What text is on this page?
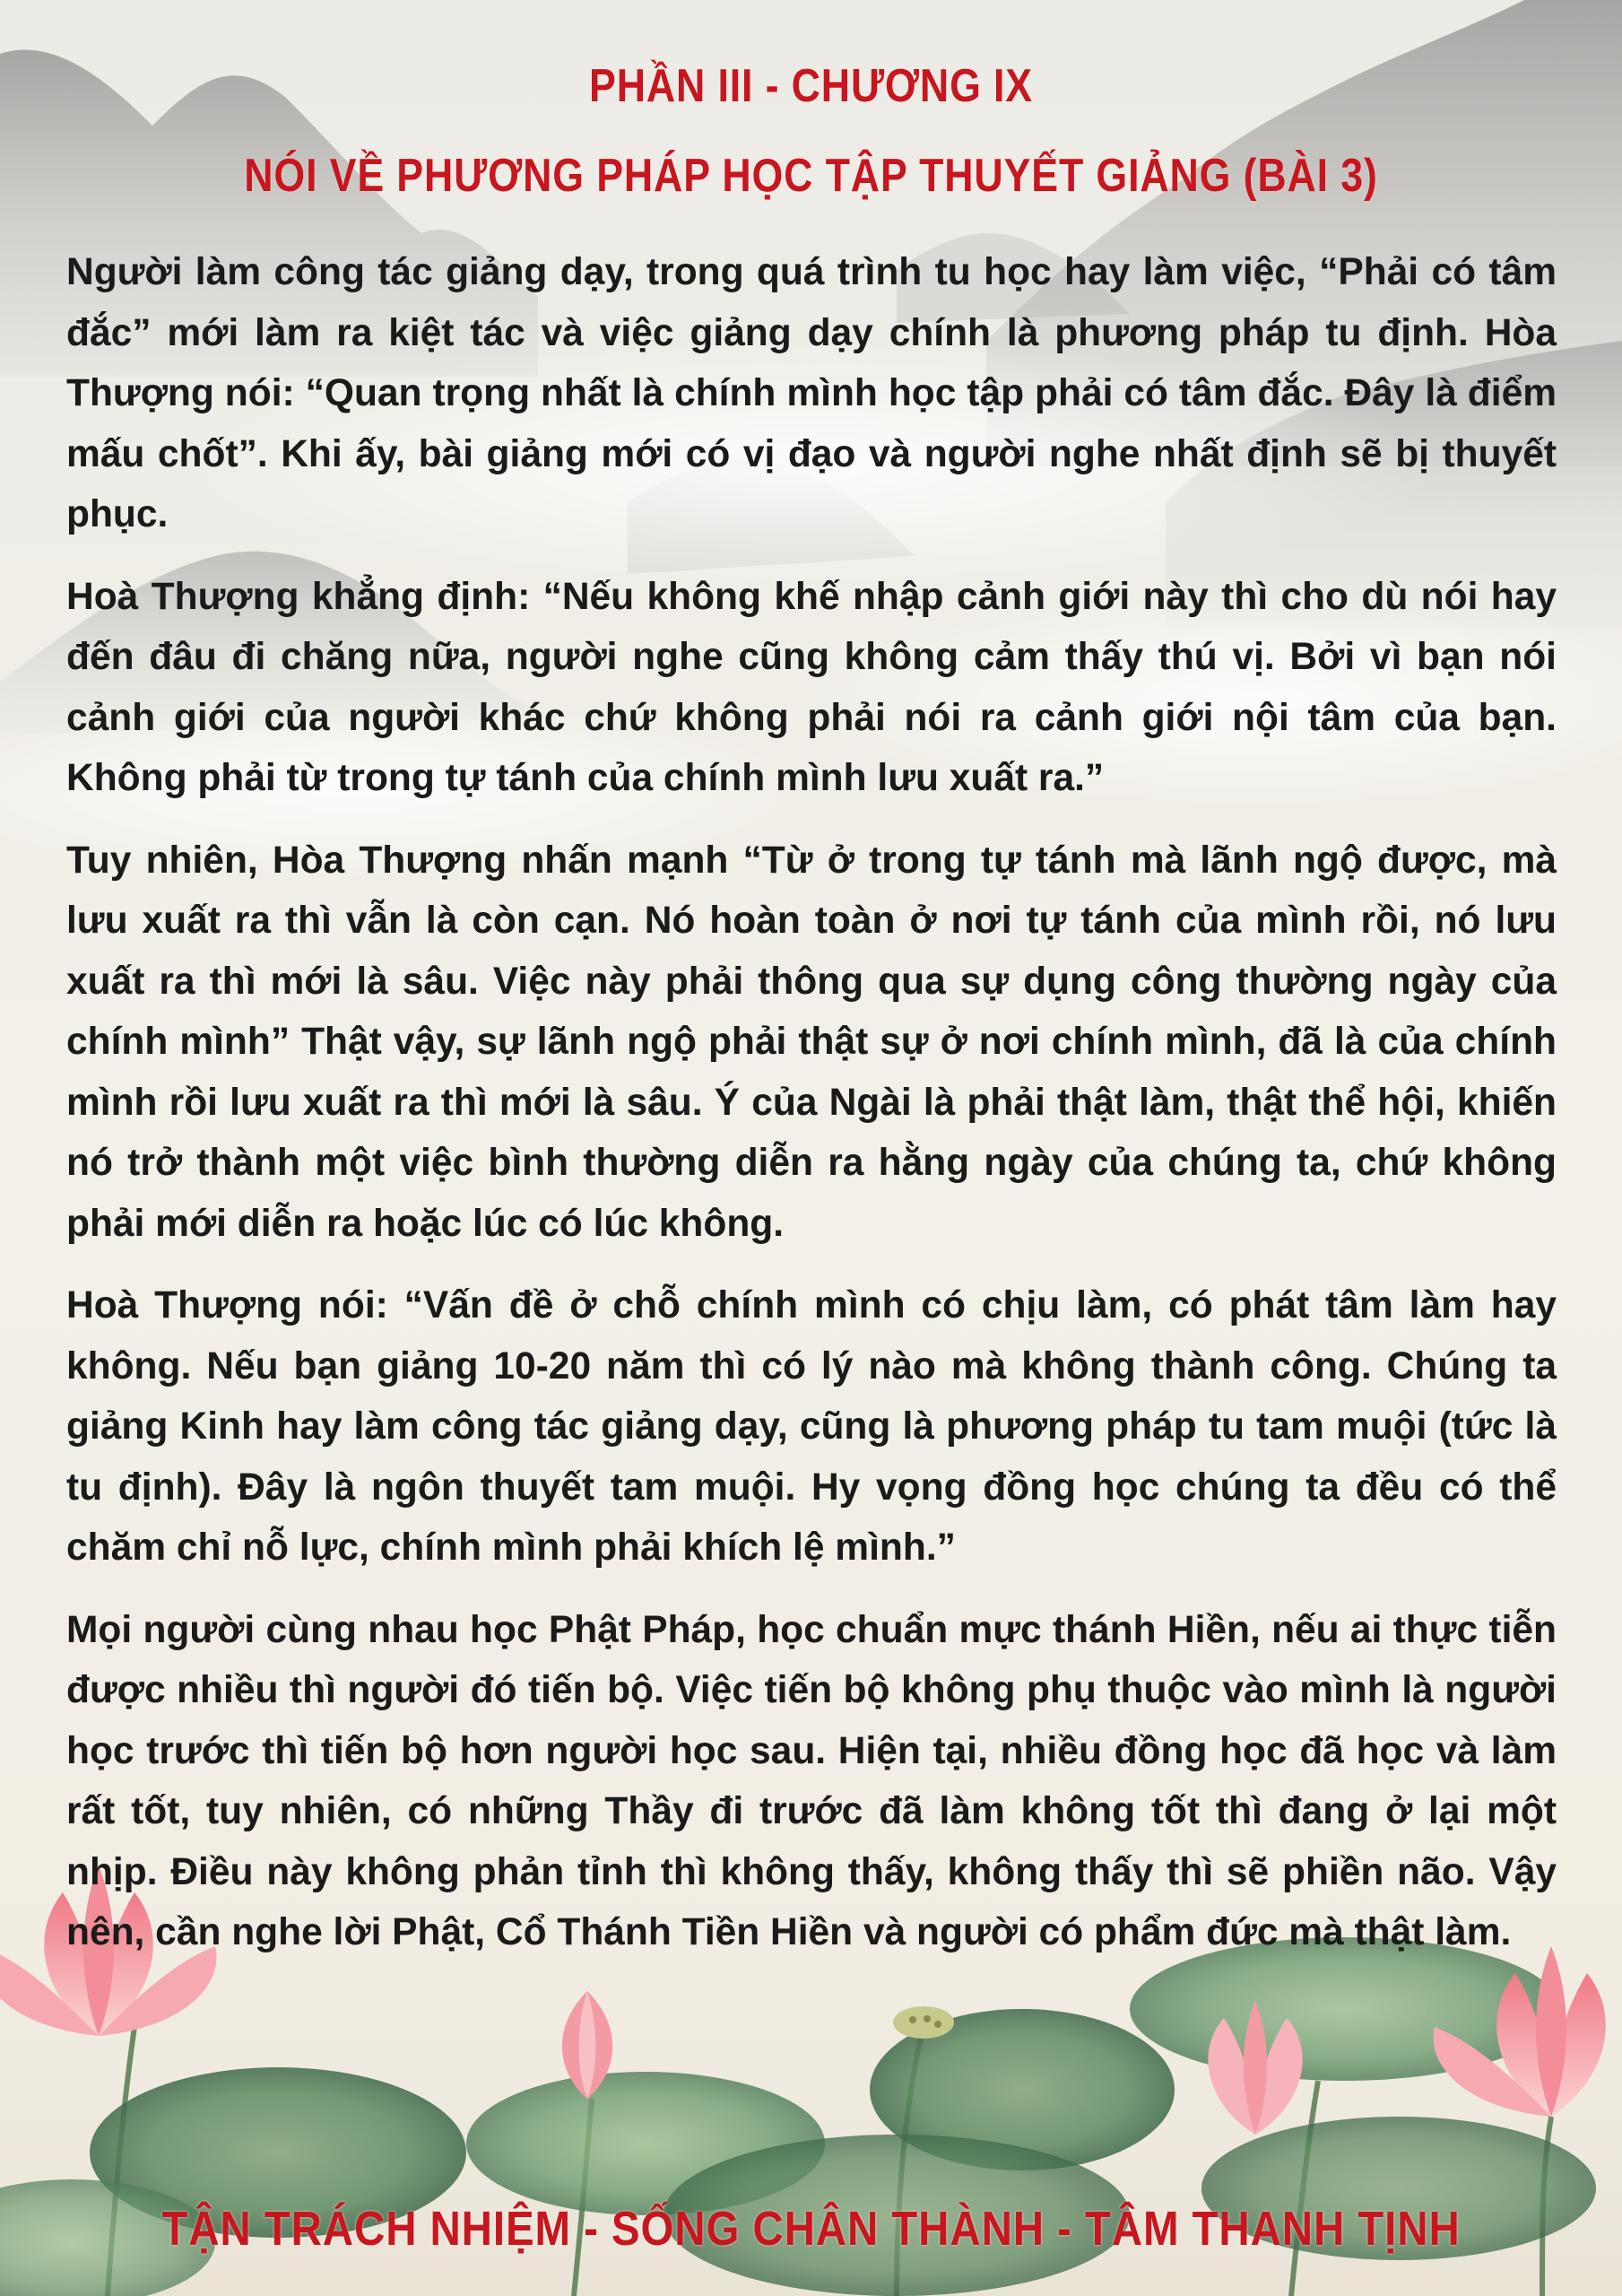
PHẦN III - CHƯƠNG IX
NÓI VỀ PHƯƠNG PHÁP HỌC TẬP THUYẾT GIẢNG (BÀI 3)

Người làm công tác giảng dạy, trong quá trình tu học hay làm việc, “Phải có tâm đắc” mới làm ra kiệt tác và việc giảng dạy chính là phương pháp tu định. Hòa Thượng nói: “Quan trọng nhất là chính mình học tập phải có tâm đắc. Đây là điểm mấu chốt”. Khi ấy, bài giảng mới có vị đạo và người nghe nhất định sẽ bị thuyết phục.

Hoà Thượng khẳng định: “Nếu không khế nhập cảnh giới này thì cho dù nói hay đến đâu đi chăng nữa, người nghe cũng không cảm thấy thú vị. Bởi vì bạn nói cảnh giới của người khác chứ không phải nói ra cảnh giới nội tâm của bạn. Không phải từ trong tự tánh của chính mình lưu xuất ra.”

Tuy nhiên, Hòa Thượng nhấn mạnh “Từ ở trong tự tánh mà lãnh ngộ được, mà lưu xuất ra thì vẫn là còn cạn. Nó hoàn toàn ở nơi tự tánh của mình rồi, nó lưu xuất ra thì mới là sâu. Việc này phải thông qua sự dụng công thường ngày của chính mình” Thật vậy, sự lãnh ngộ phải thật sự ở nơi chính mình, đã là của chính mình rồi lưu xuất ra thì mới là sâu. Ý của Ngài là phải thật làm, thật thể hội, khiến nó trở thành một việc bình thường diễn ra hằng ngày của chúng ta, chứ không phải mới diễn ra hoặc lúc có lúc không.

Hoà Thượng nói: “Vấn đề ở chỗ chính mình có chịu làm, có phát tâm làm hay không. Nếu bạn giảng 10-20 năm thì có lý nào mà không thành công. Chúng ta giảng Kinh hay làm công tác giảng dạy, cũng là phương pháp tu tam muội (tức là tu định). Đây là ngôn thuyết tam muội. Hy vọng đồng học chúng ta đều có thể chăm chỉ nỗ lực, chính mình phải khích lệ mình.”

Mọi người cùng nhau học Phật Pháp, học chuẩn mực thánh Hiền, nếu ai thực tiễn được nhiều thì người đó tiến bộ. Việc tiến bộ không phụ thuộc vào mình là người học trước thì tiến bộ hơn người học sau. Hiện tại, nhiều đồng học đã học và làm rất tốt, tuy nhiên, có những Thầy đi trước đã làm không tốt thì đang ở lại một nhịp. Điều này không phản tỉnh thì không thấy, không thấy thì sẽ phiền não. Vậy nên, cần nghe lời Phật, Cổ Thánh Tiền Hiền và người có phẩm đức mà thật làm.

TẬN TRÁCH NHIỆM - SỐNG CHÂN THÀNH - TÂM THANH TỊNH
